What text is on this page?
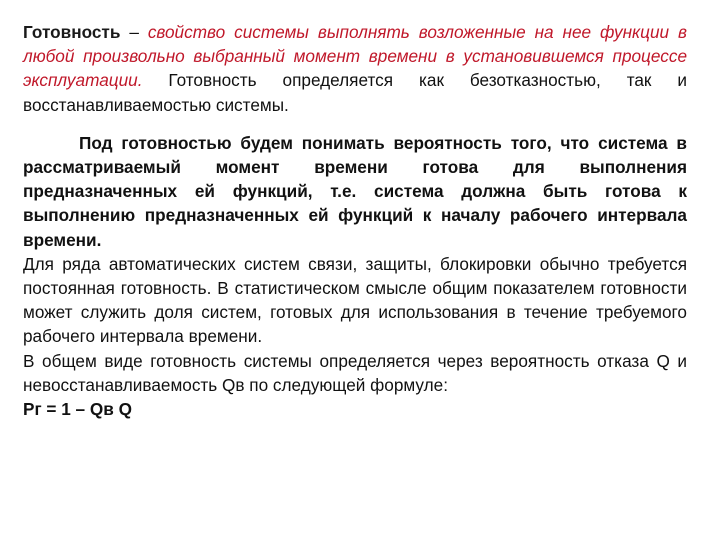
Готовность – свойство системы выполнять возложенные на нее функции в любой произвольно выбранный момент времени в установившемся процессе эксплуатации. Готовность определяется как безотказностью, так и восстанавливаемостью системы.

Под готовностью будем понимать вероятность того, что система в рассматриваемый момент времени готова для выполнения предназначенных ей функций, т.е. система должна быть готова к выполнению предназначенных ей функций к началу рабочего интервала времени.

Для ряда автоматических систем связи, защиты, блокировки обычно требуется постоянная готовность. В статистическом смысле общим показателем готовности может служить доля систем, готовых для использования в течение требуемого рабочего интервала времени.

В общем виде готовность системы определяется через вероятность отказа Q и невосстанавливаемость Qв по следующей формуле:

Рг = 1 – Qв Q
